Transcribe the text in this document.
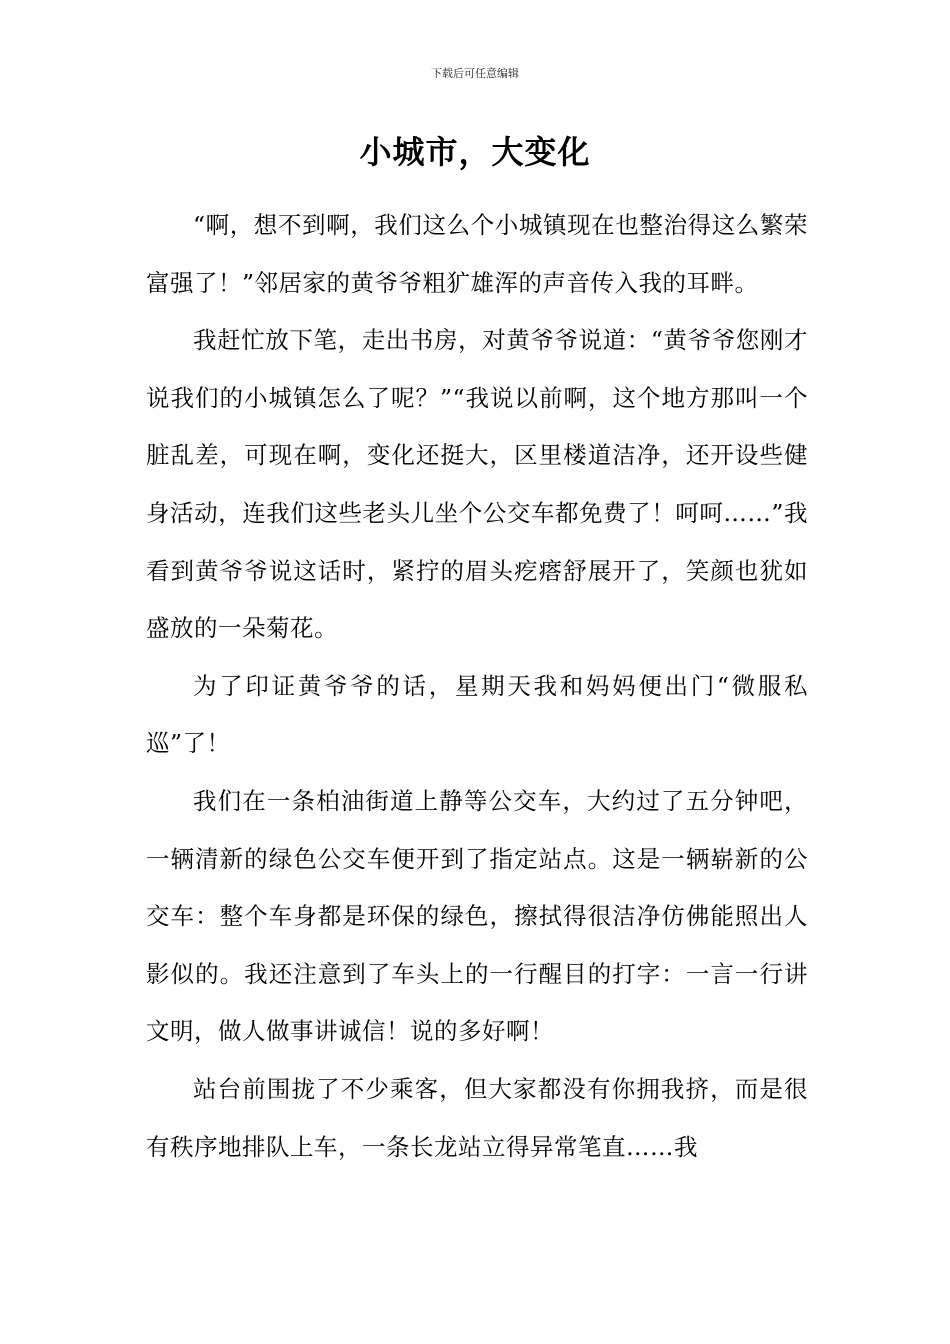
下载后可任意编辑
小城市，大变化

“啊，想不到啊，我们这么个小城镇现在也整治得这么繁荣富强了！”邻居家的黄爷爷粗犷雄浑的声音传入我的耳畔。

我赶忙放下笔，走出书房，对黄爷爷说道：“黄爷爷您刚才说我们的小城镇怎么了呢？”“我说以前啊，这个地方那叫一个脏乱差，可现在啊，变化还挺大，区里楼道洁净，还开设些健身活动，连我们这些老头儿坐个公交车都免费了！呵呵……”我看到黄爷爷说这话时，紧拧的眉头疙瘩舒展开了，笑颜也犹如盛放的一朵菊花。

为了印证黄爷爷的话，星期天我和妈妈便出门“微服私巡”了！

我们在一条柏油街道上静等公交车，大约过了五分钟吧，一辆清新的绿色公交车便开到了指定站点。这是一辆崭新的公交车：整个车身都是环保的绿色，擦拭得很洁净仿佛能照出人影似的。我还注意到了车头上的一行醒目的打字：一言一行讲文明，做人做事讲诚信！说的多好啊！

站台前围拢了不少乘客，但大家都没有你拥我挤，而是很有秩序地排队上车，一条长龙站立得异常笔直……我
